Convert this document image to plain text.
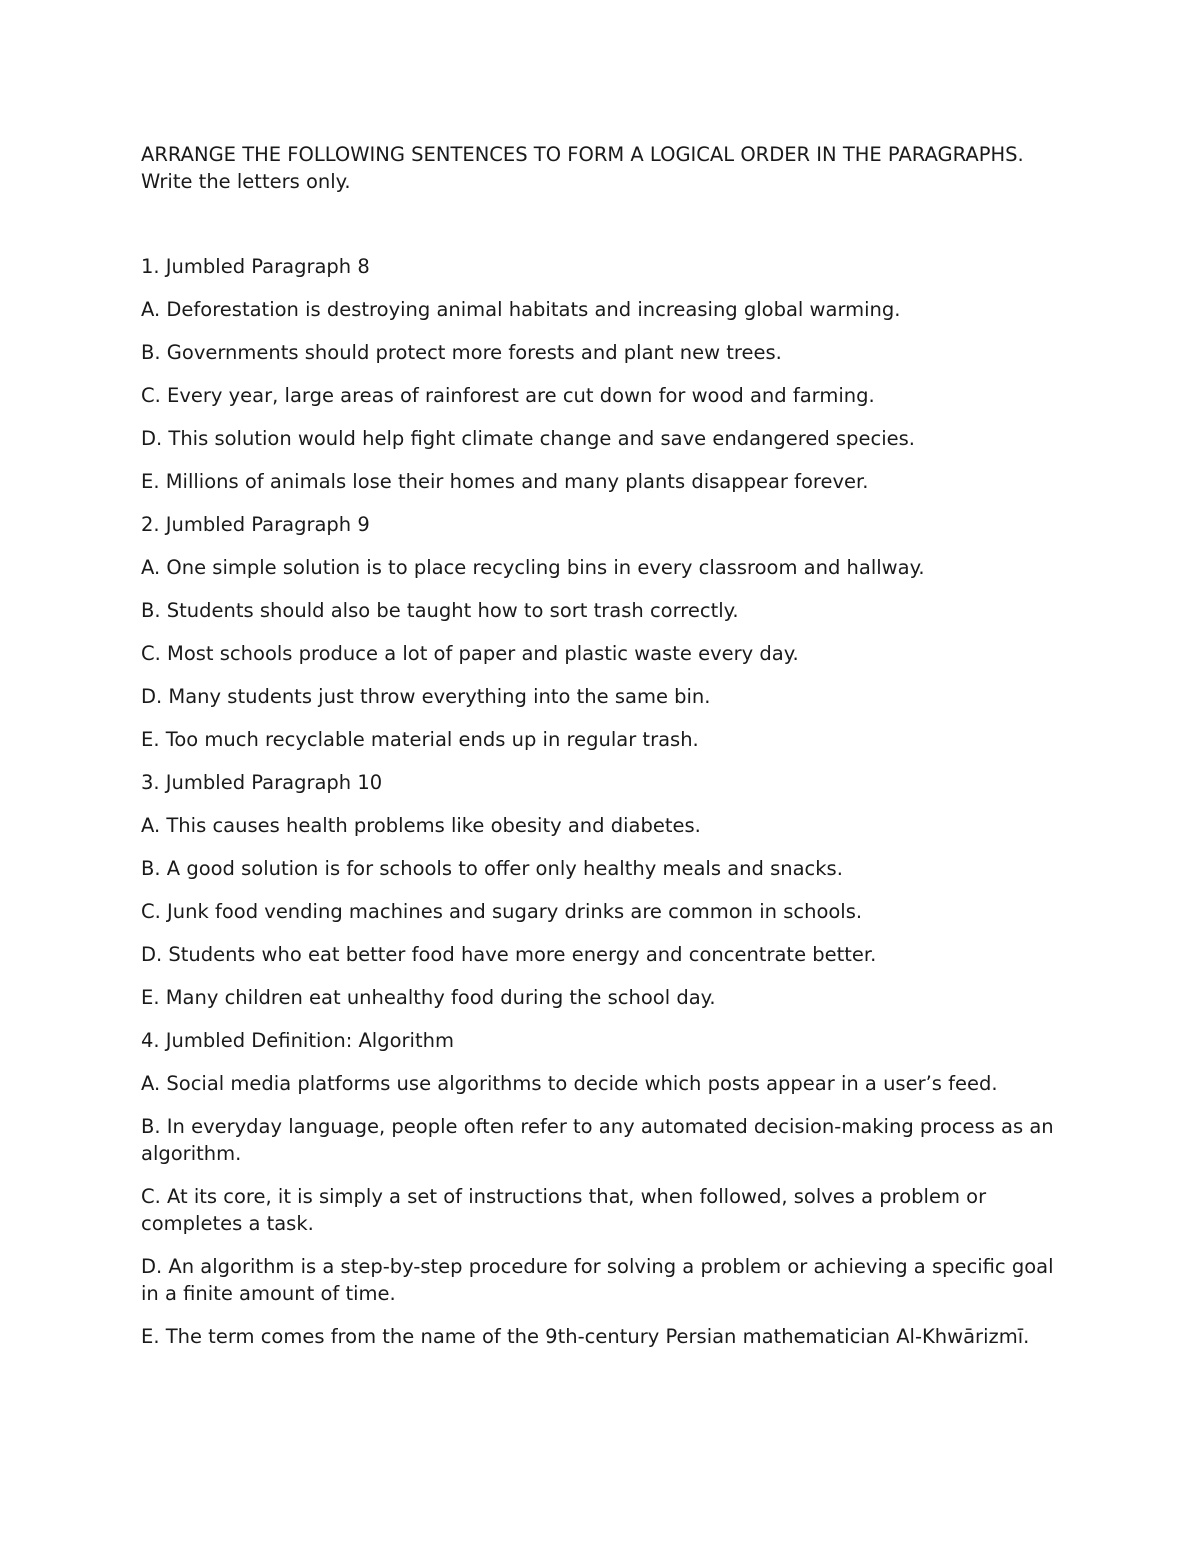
ARRANGE THE FOLLOWING SENTENCES TO FORM A LOGICAL ORDER IN THE PARAGRAPHS. Write the letters only.

1. Jumbled Paragraph 8

A. Deforestation is destroying animal habitats and increasing global warming.

B. Governments should protect more forests and plant new trees.

C. Every year, large areas of rainforest are cut down for wood and farming.

D. This solution would help fight climate change and save endangered species.

E. Millions of animals lose their homes and many plants disappear forever.

2. Jumbled Paragraph 9

A. One simple solution is to place recycling bins in every classroom and hallway.

B. Students should also be taught how to sort trash correctly.

C. Most schools produce a lot of paper and plastic waste every day.

D. Many students just throw everything into the same bin.

E. Too much recyclable material ends up in regular trash.

3. Jumbled Paragraph 10

A. This causes health problems like obesity and diabetes.

B. A good solution is for schools to offer only healthy meals and snacks.

C. Junk food vending machines and sugary drinks are common in schools.

D. Students who eat better food have more energy and concentrate better.

E. Many children eat unhealthy food during the school day.

4. Jumbled Definition: Algorithm

A. Social media platforms use algorithms to decide which posts appear in a user’s feed.

B. In everyday language, people often refer to any automated decision-making process as an algorithm.

C. At its core, it is simply a set of instructions that, when followed, solves a problem or completes a task.

D. An algorithm is a step-by-step procedure for solving a problem or achieving a specific goal in a finite amount of time.

E. The term comes from the name of the 9th-century Persian mathematician Al-Khwārizmī.
